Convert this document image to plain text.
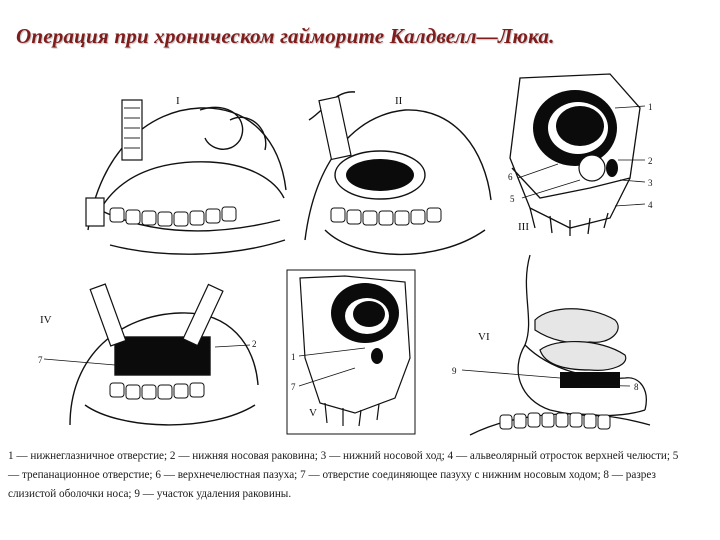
Операция при хроническом гайморите Калдвелл—Люка.
I	II	1
2
3
4
5
6
III
7
2
IV
1
7
V
9
8
VI

1 — нижнеглазничное отверстие; 2 — нижняя носовая раковина; 3 — нижний носовой ход; 4 — альвеолярный отросток верхней челюсти; 5 — трепанационное отверстие; 6 — верхнечелюстная пазуха; 7 — отверстие соединяющее пазуху с нижним носовым ходом; 8 — разрез слизистой оболочки носа; 9 — участок удаления раковины.
